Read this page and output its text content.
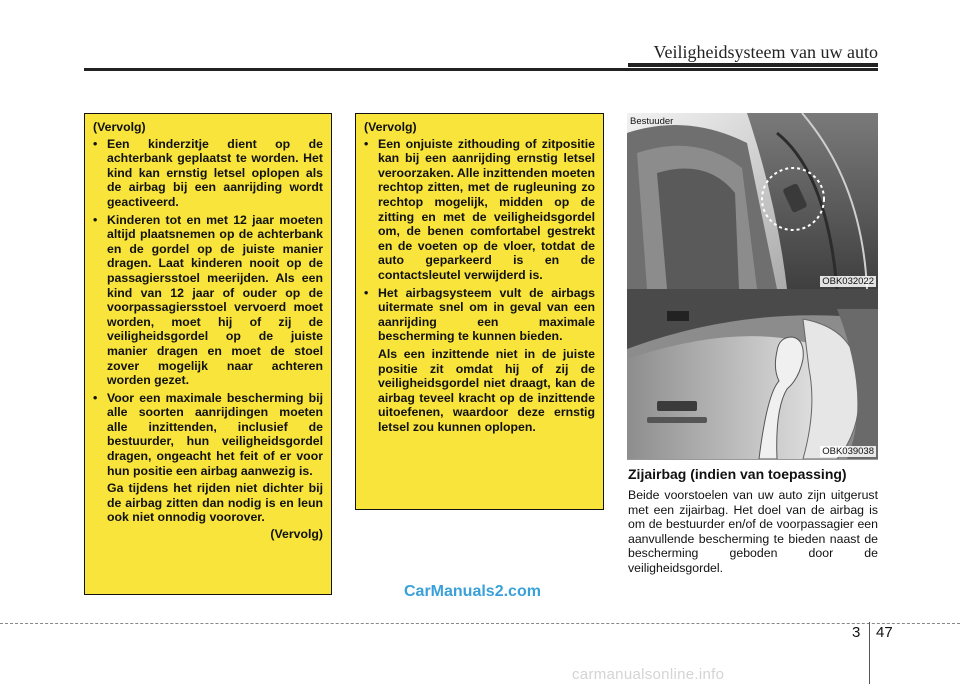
Veiligheidsysteem van uw auto
(Vervolg)
• Een kinderzitje dient op de achterbank geplaatst te worden. Het kind kan ernstig letsel oplopen als de airbag bij een aanrijding wordt geactiveerd.
• Kinderen tot en met 12 jaar moeten altijd plaatsnemen op de achterbank en de gordel op de juiste manier dragen. Laat kinderen nooit op de passagiersstoel meerijden. Als een kind van 12 jaar of ouder op de voorpassagiersstoel vervoerd moet worden, moet hij of zij de veiligheidsgordel op de juiste manier dragen en moet de stoel zover mogelijk naar achteren worden gezet.
• Voor een maximale bescherming bij alle soorten aanrijdingen moeten alle inzittenden, inclusief de bestuurder, hun veiligheidsgordel dragen, ongeacht het feit of er voor hun positie een airbag aanwezig is.
Ga tijdens het rijden niet dichter bij de airbag zitten dan nodig is en leun ook niet onnodig voorover.
(Vervolg)
(Vervolg)
• Een onjuiste zithouding of zitpositie kan bij een aanrijding ernstig letsel veroorzaken. Alle inzittenden moeten rechtop zitten, met de rugleuning zo rechtop mogelijk, midden op de zitting en met de veiligheidsgordel om, de benen comfortabel gestrekt en de voeten op de vloer, totdat de auto geparkeerd is en de contactsleutel verwijderd is.
• Het airbagsysteem vult de airbags uitermate snel om in geval van een aanrijding een maximale bescherming te kunnen bieden.
Als een inzittende niet in de juiste positie zit omdat hij of zij de veiligheidsgordel niet draagt, kan de airbag teveel kracht op de inzittende uitoefenen, waardoor deze ernstig letsel zou kunnen oplopen.
Bestuuder
OBK032022
OBK039038
Zijairbag (indien van toepassing)
Beide voorstoelen van uw auto zijn uitgerust met een zijairbag. Het doel van de airbag is om de bestuurder en/of de voorpassagier een aanvullende bescherming te bieden naast de bescherming geboden door de veiligheidsgordel.
CarManuals2.com
3 47
carmanualsonline.info
